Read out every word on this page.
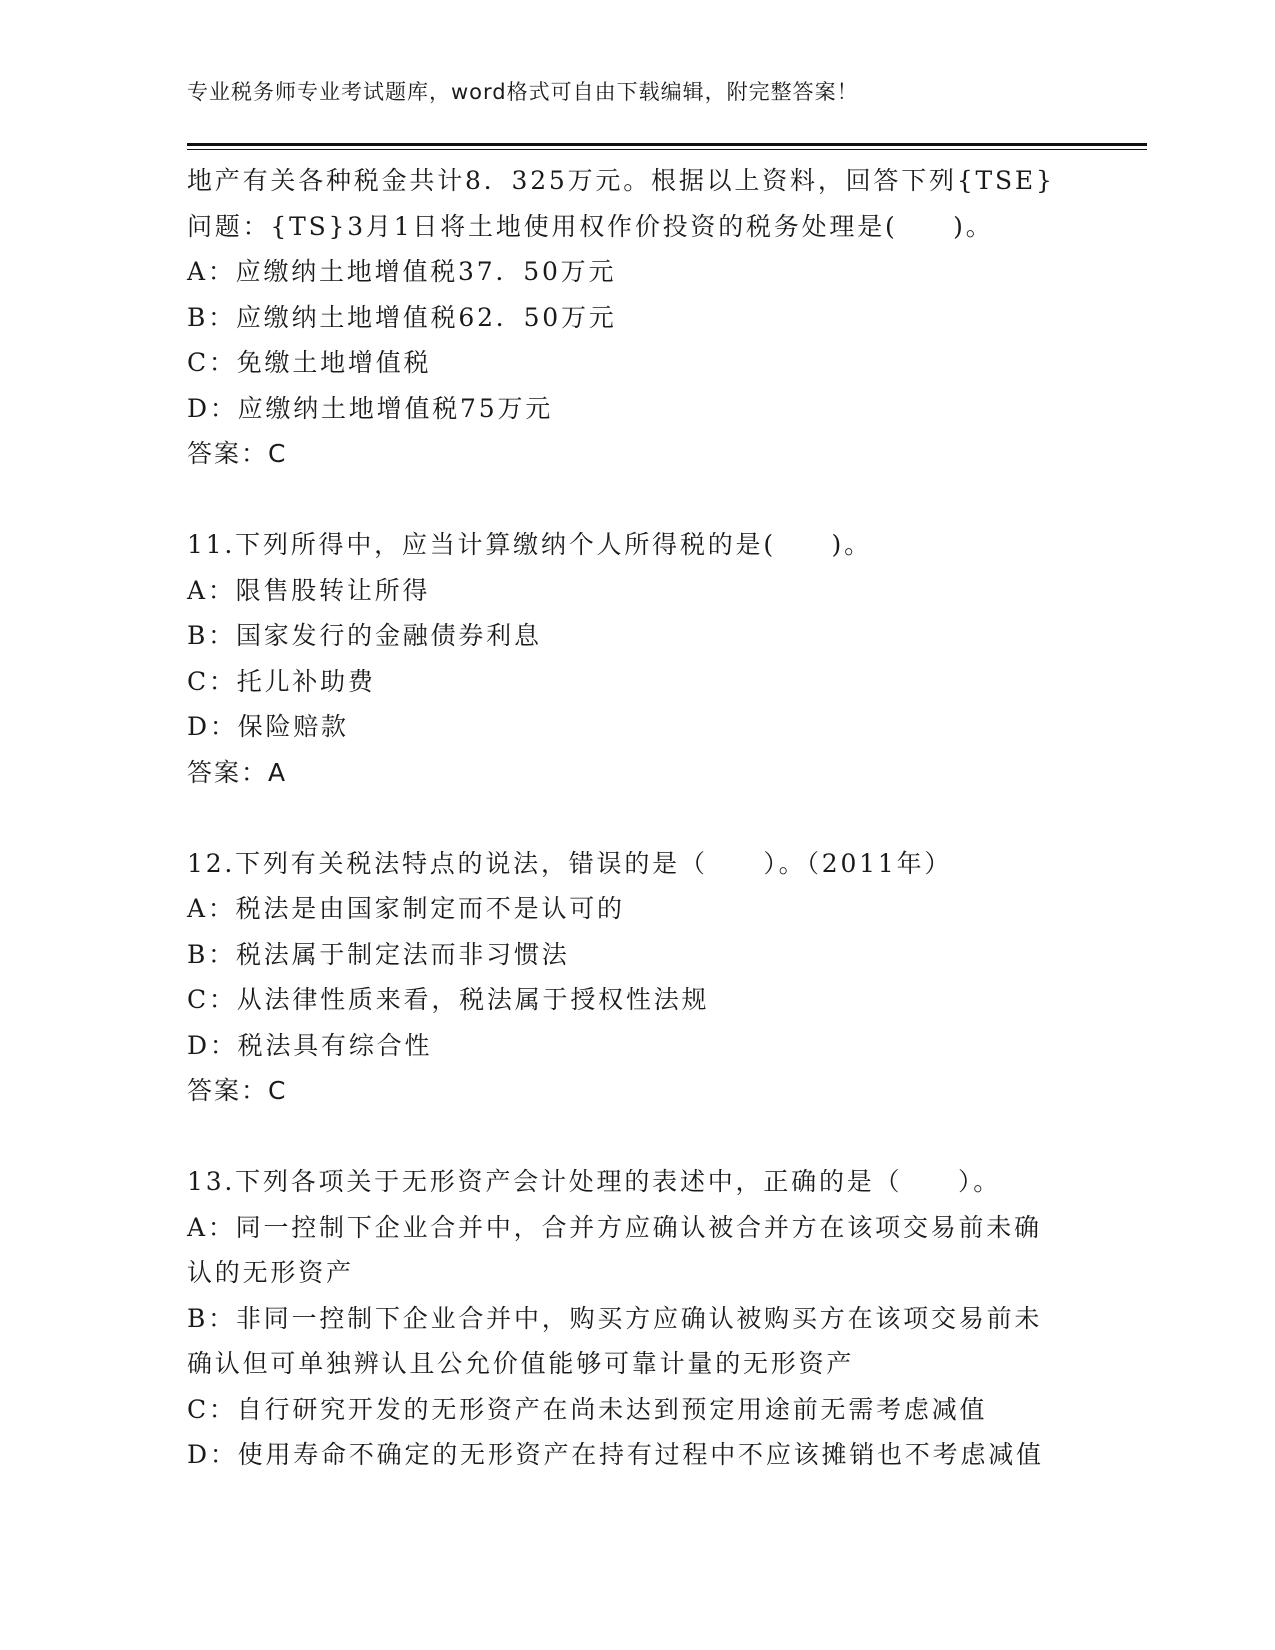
专业税务师专业考试题库，word格式可自由下载编辑，附完整答案！
地产有关各种税金共计8．325万元。根据以上资料，回答下列{TSE}
问题：{TS}3月1日将土地使用权作价投资的税务处理是(　　)。
A：应缴纳土地增值税37．50万元
B：应缴纳土地增值税62．50万元
C：免缴土地增值税
D：应缴纳土地增值税75万元
答案：C
11.下列所得中，应当计算缴纳个人所得税的是(　　)。
A：限售股转让所得
B：国家发行的金融债券利息
C：托儿补助费
D：保险赔款
答案：A
12.下列有关税法特点的说法，错误的是（　　）。（2011年）
A：税法是由国家制定而不是认可的
B：税法属于制定法而非习惯法
C：从法律性质来看，税法属于授权性法规
D：税法具有综合性
答案：C
13.下列各项关于无形资产会计处理的表述中，正确的是（　　）。
A：同一控制下企业合并中，合并方应确认被合并方在该项交易前未确
认的无形资产
B：非同一控制下企业合并中，购买方应确认被购买方在该项交易前未
确认但可单独辨认且公允价值能够可靠计量的无形资产
C：自行研究开发的无形资产在尚未达到预定用途前无需考虑减值
D：使用寿命不确定的无形资产在持有过程中不应该摊销也不考虑减值
